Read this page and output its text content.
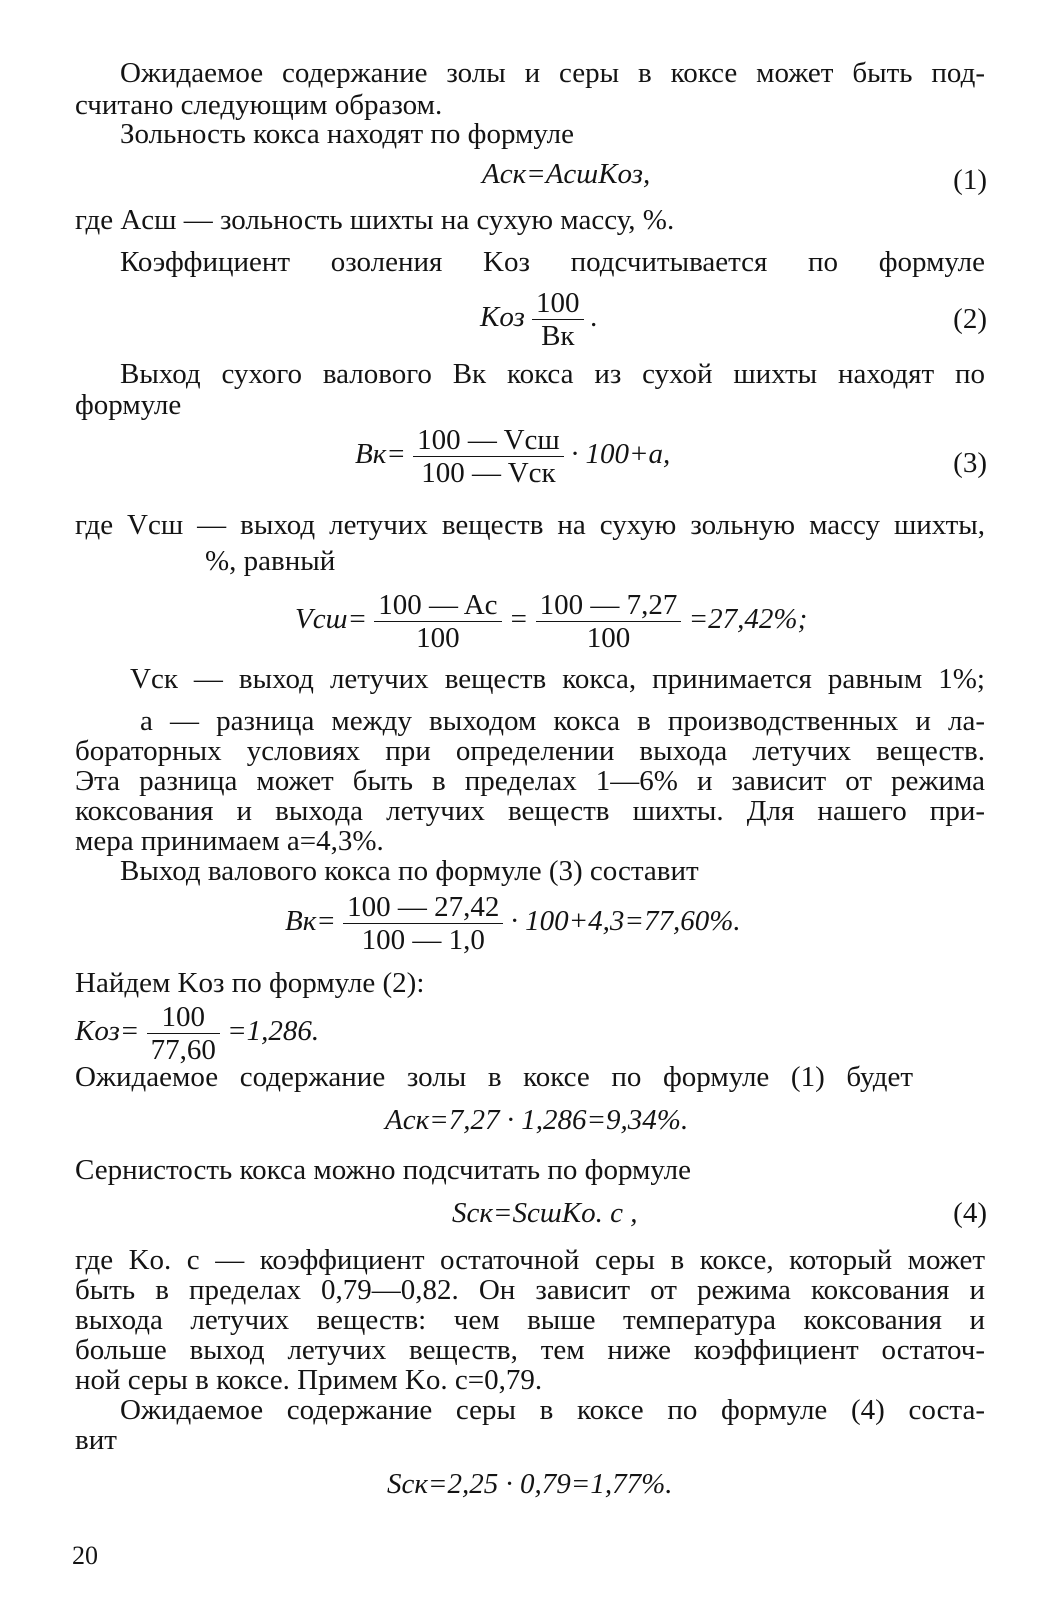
Ожидаемое содержание золы и серы в коксе может быть под-
считано следующим образом.
Зольность кокса находят по формуле
Aск=AсшKоз,	(1)
где Aсш — зольность шихты на сухую массу, %.
Коэффициент озоления Kоз подсчитывается по формуле
Kоз $\frac{100}{Bк}$ .	(2)
Выход сухого валового Bк кокса из сухой шихты находят по
формуле
$Bк= \frac{\text{100 — Vсш}}{\text{100 — Vск}} \cdot 100+a$,	(3)
где Vсш — выход летучих веществ на сухую зольную массу шихты,
%, равный
$Vсш= \frac{100 — Aс}{100} = \frac{100 — 7,27}{100} =27,42\%$;
Vск — выход летучих веществ кокса, принимается равным 1%;
a — разница между выходом кокса в производственных и ла-
бораторных условиях при определении выхода летучих веществ.
Эта разница может быть в пределах 1—6% и зависит от режима
коксования и выхода летучих веществ шихты. Для нашего при-
мера принимаем a=4,3%.
Выход валового кокса по формуле (3) составит
$Bк= \frac{100 — 27,42}{100 — 1,0} \cdot 100+4,3=77,60\%$.
Найдем Kоз по формуле (2):
$Kоз= \frac{100}{77,60} =1,286$.
Ожидаемое содержание золы в коксе по формуле (1) будет
Aск=7,27 · 1,286=9,34%.
Сернистость кокса можно подсчитать по формуле
Sск=SсшKо. с ,	(4)
где Kо. с — коэффициент остаточной серы в коксе, который может
быть в пределах 0,79—0,82. Он зависит от режима коксования и
выхода летучих веществ: чем выше температура коксования и
больше выход летучих веществ, тем ниже коэффициент остаточ-
ной серы в коксе. Примем Kо. с=0,79.
Ожидаемое содержание серы в коксе по формуле (4) соста-
вит
Sск=2,25 · 0,79=1,77%.
20
